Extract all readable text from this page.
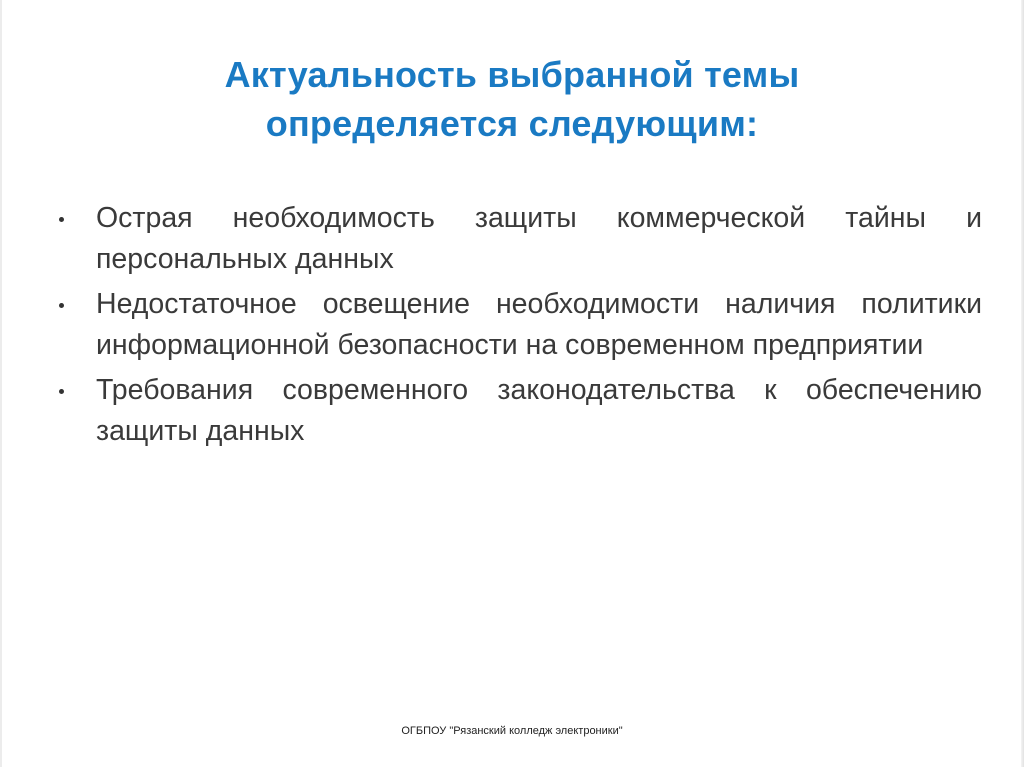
Актуальность выбранной темы
определяется следующим:
Острая необходимость защиты коммерческой тайны и персональных данных
Недостаточное освещение необходимости наличия политики информационной безопасности на современном предприятии
Требования современного законодательства к обеспечению защиты данных
ОГБПОУ "Рязанский колледж электроники"
